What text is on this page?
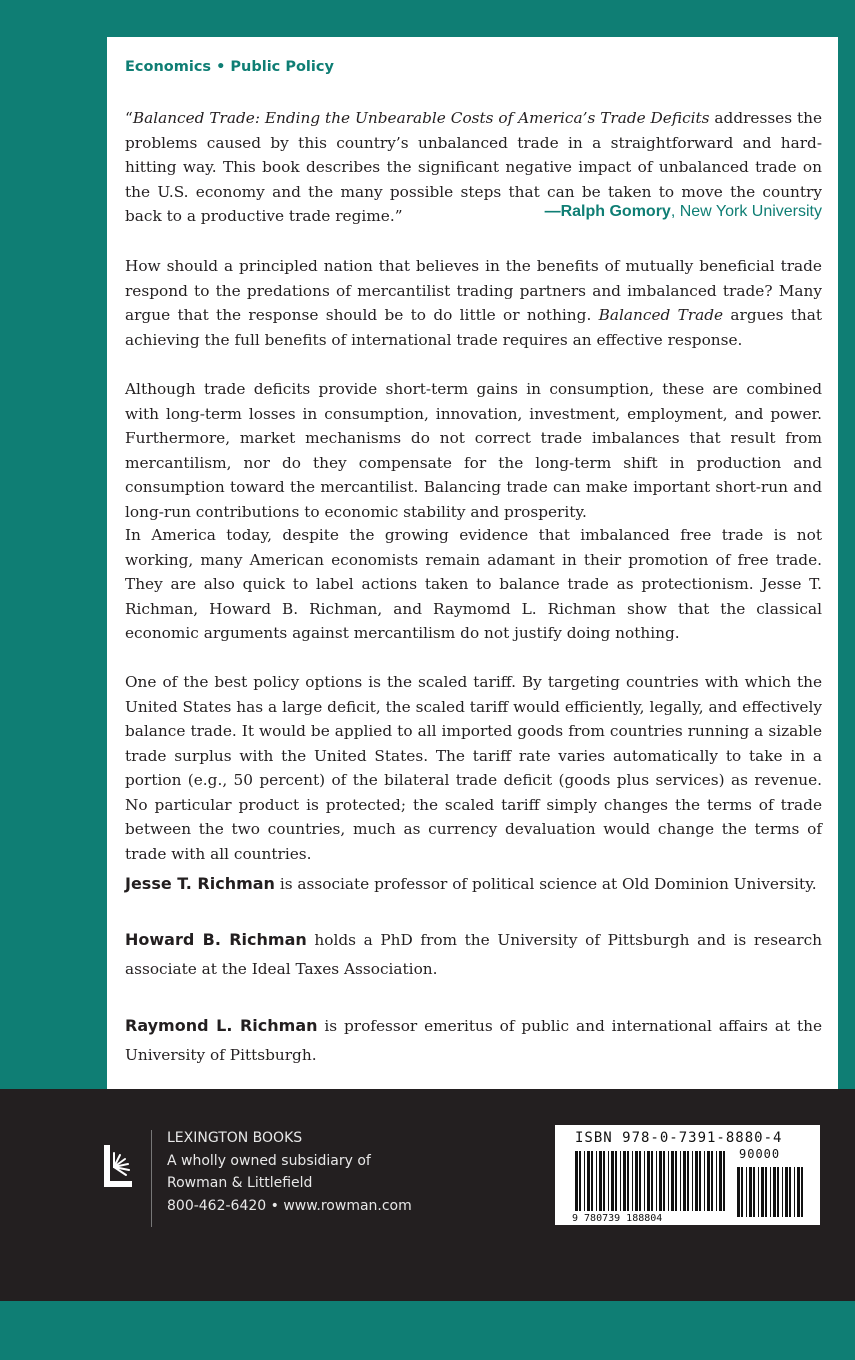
Economics • Public Policy
“Balanced Trade: Ending the Unbearable Costs of America’s Trade Deficits addresses the problems caused by this country’s unbalanced trade in a straightforward and hard-hitting way. This book describes the significant negative impact of unbalanced trade on the U.S. economy and the many possible steps that can be taken to move the country back to a productive trade regime.”	—Ralph Gomory, New York University
How should a principled nation that believes in the benefits of mutually beneficial trade respond to the predations of mercantilist trading partners and imbalanced trade? Many argue that the response should be to do little or nothing. Balanced Trade argues that achieving the full benefits of international trade requires an effective response.
Although trade deficits provide short-term gains in consumption, these are combined with long-term losses in consumption, innovation, investment, employment, and power. Furthermore, market mechanisms do not correct trade imbalances that result from mercantilism, nor do they compensate for the long-term shift in production and consumption toward the mercantilist. Balancing trade can make important short-run and long-run contributions to economic stability and prosperity.
In America today, despite the growing evidence that imbalanced free trade is not working, many American economists remain adamant in their promotion of free trade. They are also quick to label actions taken to balance trade as protectionism. Jesse T. Richman, Howard B. Richman, and Raymomd L. Richman show that the classical economic arguments against mercantilism do not justify doing nothing.
One of the best policy options is the scaled tariff. By targeting countries with which the United States has a large deficit, the scaled tariff would efficiently, legally, and effectively balance trade. It would be applied to all imported goods from countries running a sizable trade surplus with the United States. The tariff rate varies automatically to take in a portion (e.g., 50 percent) of the bilateral trade deficit (goods plus services) as revenue. No particular product is protected; the scaled tariff simply changes the terms of trade between the two countries, much as currency devaluation would change the terms of trade with all countries.
Jesse T. Richman is associate professor of political science at Old Dominion University.
Howard B. Richman holds a PhD from the University of Pittsburgh and is research associate at the Ideal Taxes Association.
Raymond L. Richman is professor emeritus of public and international affairs at the University of Pittsburgh.
LEXINGTON BOOKS
A wholly owned subsidiary of
Rowman & Littlefield
800-462-6420 • www.rowman.com
ISBN 978-0-7391-8880-4
90000
9 780739 188804
